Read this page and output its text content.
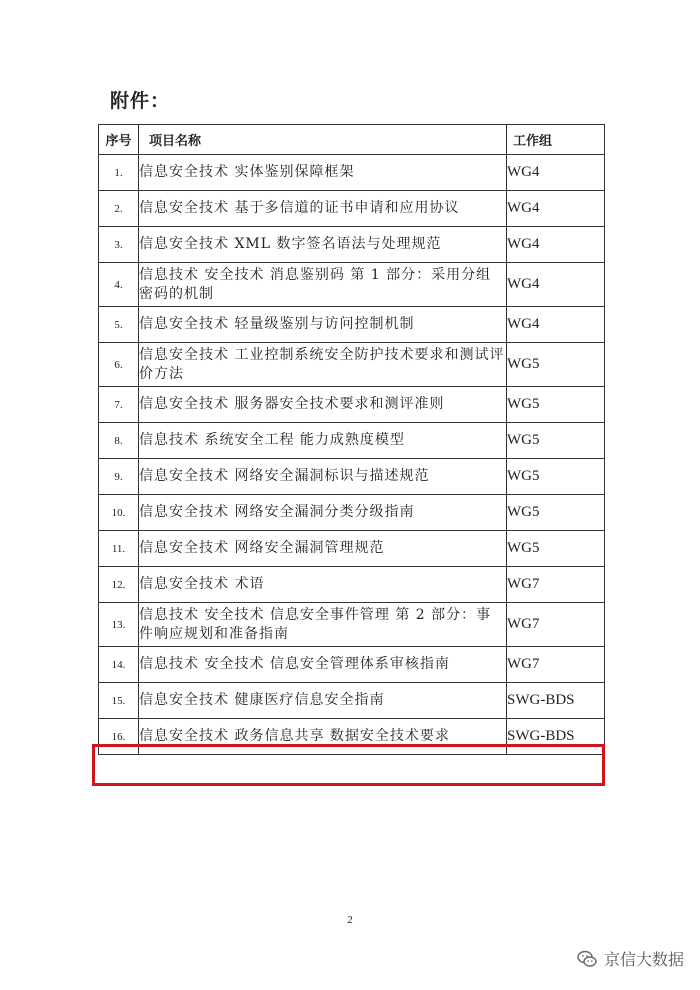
附件：
序号	项目名称	工作组
1.	信息安全技术 实体鉴别保障框架	WG4
2.	信息安全技术 基于多信道的证书申请和应用协议	WG4
3.	信息安全技术 XML 数字签名语法与处理规范	WG4
4.	信息技术 安全技术 消息鉴别码 第 1 部分：采用分组密码的机制	WG4
5.	信息安全技术 轻量级鉴别与访问控制机制	WG4
6.	信息安全技术 工业控制系统安全防护技术要求和测试评价方法	WG5
7.	信息安全技术 服务器安全技术要求和测评准则	WG5
8.	信息技术 系统安全工程 能力成熟度模型	WG5
9.	信息安全技术 网络安全漏洞标识与描述规范	WG5
10.	信息安全技术 网络安全漏洞分类分级指南	WG5
11.	信息安全技术 网络安全漏洞管理规范	WG5
12.	信息安全技术 术语	WG7
13.	信息技术 安全技术 信息安全事件管理 第 2 部分：事件响应规划和准备指南	WG7
14.	信息技术 安全技术 信息安全管理体系审核指南	WG7
15.	信息安全技术 健康医疗信息安全指南	SWG-BDS
16.	信息安全技术 政务信息共享 数据安全技术要求	SWG-BDS
2
京信大数据
